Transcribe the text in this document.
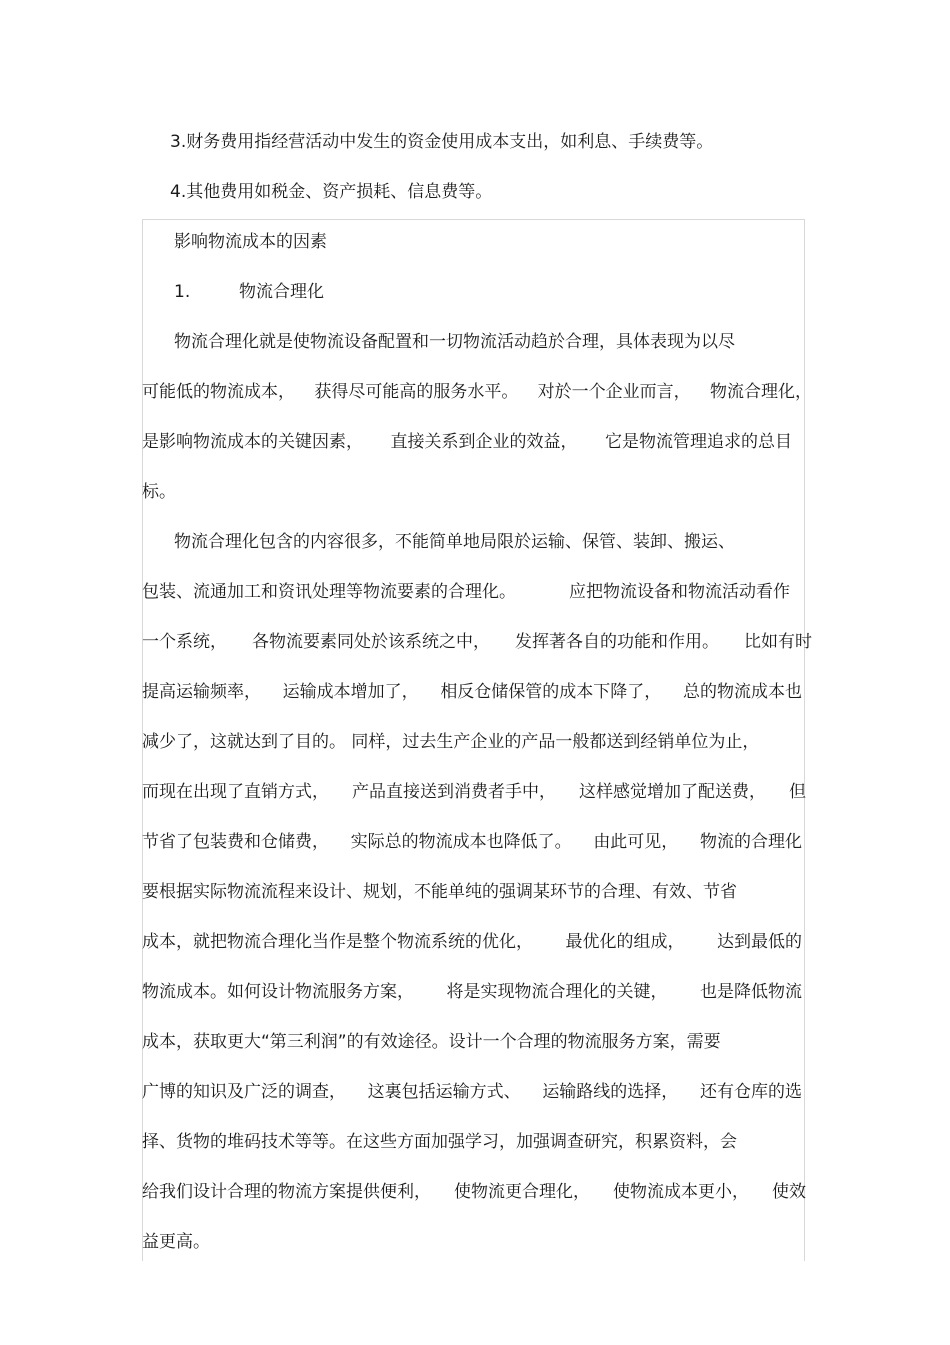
3.财务费用指经营活动中发生的资金使用成本支出，如利息、手续费等。
4.其他费用如税金、资产损耗、信息费等。
影响物流成本的因素
1.	物流合理化
物流合理化就是使物流设备配置和一切物流活动趋於合理，具体表现为以尽
可能低的物流成本， 获得尽可能高的服务水平。 对於一个企业而言， 物流合理化，
是影响物流成本的关键因素， 直接关系到企业的效益， 它是物流管理追求的总目
标。
物流合理化包含的内容很多，不能简单地局限於运输、保管、装卸、搬运、
包装、流通加工和资讯处理等物流要素的合理化。	应把物流设备和物流活动看作
一个系统， 各物流要素同处於该系统之中， 发挥著各自的功能和作用。 比如有时
提高运输频率， 运输成本增加了， 相反仓储保管的成本下降了， 总的物流成本也
减少了，这就达到了目的。 同样，过去生产企业的产品一般都送到经销单位为止，
而现在出现了直销方式， 产品直接送到消费者手中， 这样感觉增加了配送费， 但
节省了包装费和仓储费， 实际总的物流成本也降低了。 由此可见， 物流的合理化
要根据实际物流流程来设计、规划，不能单纯的强调某环节的合理、有效、节省
成本，就把物流合理化当作是整个物流系统的优化， 最优化的组成， 达到最低的
物流成本。如何设计物流服务方案， 将是实现物流合理化的关键， 也是降低物流
成本，获取更大“第三利润”的有效途径。设计一个合理的物流服务方案，需要
广博的知识及广泛的调查， 这裏包括运输方式、 运输路线的选择， 还有仓库的选
择、货物的堆码技术等等。在这些方面加强学习，加强调查研究，积累资料，会
给我们设计合理的物流方案提供便利， 使物流更合理化， 使物流成本更小， 使效
益更高。
